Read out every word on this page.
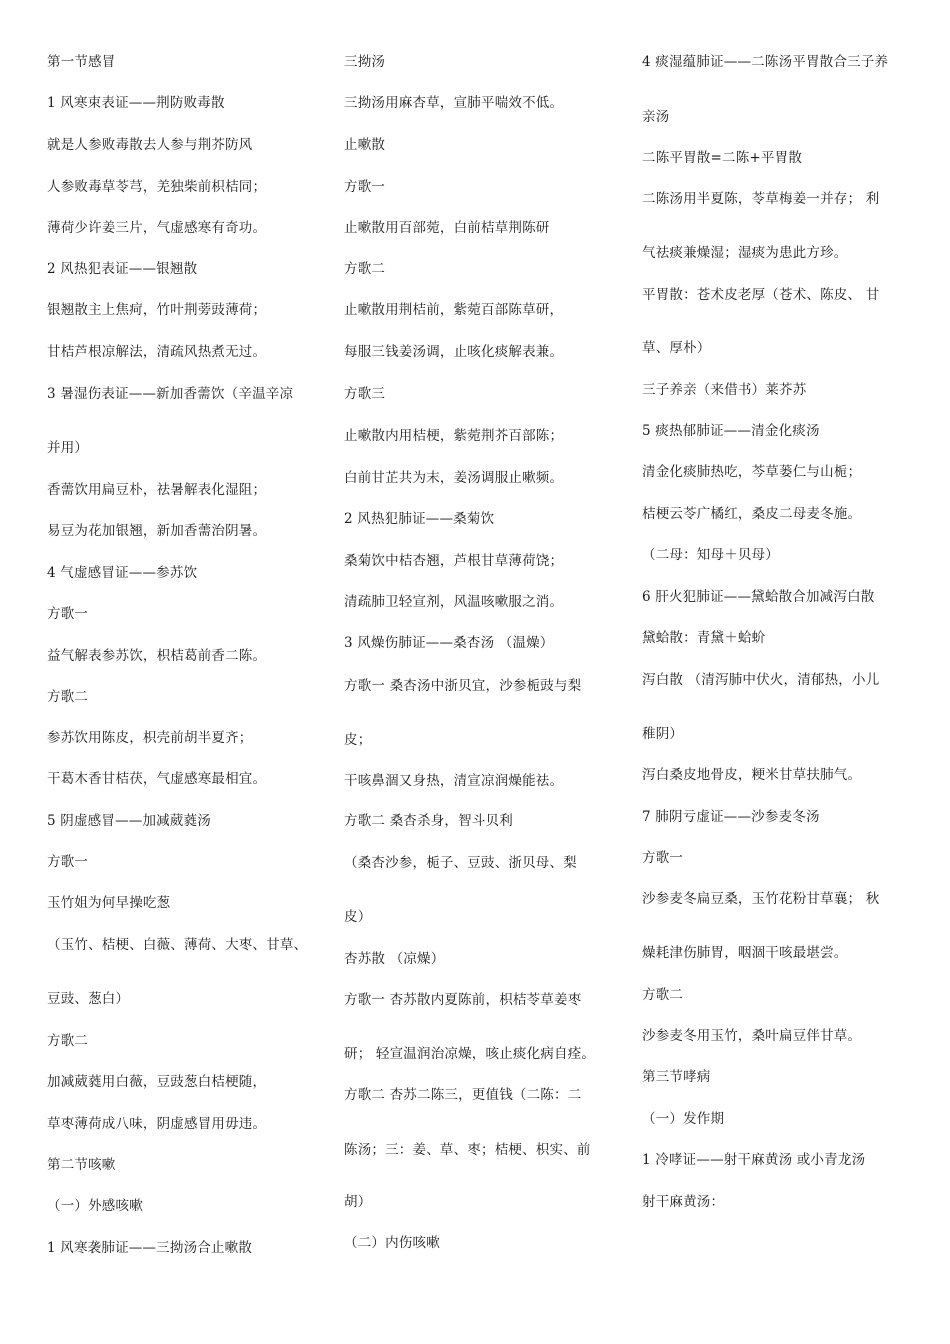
第一节感冒
1 风寒束表证——荆防败毒散
就是人参败毒散去人参与荆芥防风
人参败毒草苓芎，羌独柴前枳桔同；
薄荷少许姜三片，气虚感寒有奇功。
2 风热犯表证——银翘散
银翘散主上焦疴，竹叶荆蒡豉薄荷；
甘桔芦根凉解法，清疏风热煮无过。
3 暑湿伤表证——新加香薷饮（辛温辛凉
并用）
香薷饮用扁豆朴，祛暑解表化湿阻；
易豆为花加银翘，新加香薷治阴暑。
4 气虚感冒证——参苏饮
方歌一
益气解表参苏饮，枳桔葛前香二陈。
方歌二
参苏饮用陈皮，枳壳前胡半夏齐；
干葛木香甘桔茯，气虚感寒最相宜。
5 阴虚感冒——加减葳蕤汤
方歌一
玉竹姐为何早操吃葱
（玉竹、桔梗、白薇、薄荷、大枣、甘草、
豆豉、葱白）
方歌二
加减葳蕤用白薇，豆豉葱白桔梗随，
草枣薄荷成八味，阴虚感冒用毋违。
第二节咳嗽
（一）外感咳嗽
1 风寒袭肺证——三拗汤合止嗽散
三拗汤
三拗汤用麻杏草，宣肺平喘效不低。
止嗽散
方歌一
止嗽散用百部菀，白前桔草荆陈研
方歌二
止嗽散用荆桔前，紫菀百部陈草研，
每服三钱姜汤调，止咳化痰解表兼。
方歌三
止嗽散内用桔梗，紫菀荆芥百部陈；
白前甘芷共为末，姜汤调服止嗽频。
2 风热犯肺证——桑菊饮
桑菊饮中桔杏翘，芦根甘草薄荷饶；
清疏肺卫轻宣剂，风温咳嗽服之消。
3 风燥伤肺证——桑杏汤 （温燥）
方歌一 桑杏汤中浙贝宜，沙参栀豉与梨
皮；
干咳鼻涸又身热，清宣凉润燥能祛。
方歌二 桑杏杀身，智斗贝利
（桑杏沙参，栀子、豆豉、浙贝母、梨
皮）
杏苏散 （凉燥）
方歌一 杏苏散内夏陈前，枳桔苓草姜枣
研； 轻宣温润治凉燥，咳止痰化病自痊。
方歌二 杏苏二陈三，更值钱（二陈：二
陈汤；三：姜、草、枣；桔梗、枳实、前
胡）
（二）内伤咳嗽
4 痰湿蕴肺证——二陈汤平胃散合三子养
亲汤
二陈平胃散=二陈+平胃散
二陈汤用半夏陈，苓草梅姜一并存； 利
气祛痰兼燥湿；湿痰为患此方珍。
平胃散：苍术皮老厚（苍术、陈皮、 甘
草、厚朴）
三子养亲（来借书）莱芥苏
5 痰热郁肺证——清金化痰汤
清金化痰肺热吃，芩草蒌仁与山栀；
桔梗云苓广橘红，桑皮二母麦冬施。
（二母：知母＋贝母）
6 肝火犯肺证——黛蛤散合加减泻白散
黛蛤散：青黛＋蛤蚧
泻白散 （清泻肺中伏火，清郁热，小儿
稚阴）
泻白桑皮地骨皮，粳米甘草扶肺气。
7 肺阴亏虚证——沙参麦冬汤
方歌一
沙参麦冬扁豆桑，玉竹花粉甘草襄； 秋
燥耗津伤肺胃，咽涸干咳最堪尝。
方歌二
沙参麦冬用玉竹，桑叶扁豆伴甘草。
第三节哮病
（一）发作期
1 冷哮证——射干麻黄汤 或小青龙汤
射干麻黄汤：
